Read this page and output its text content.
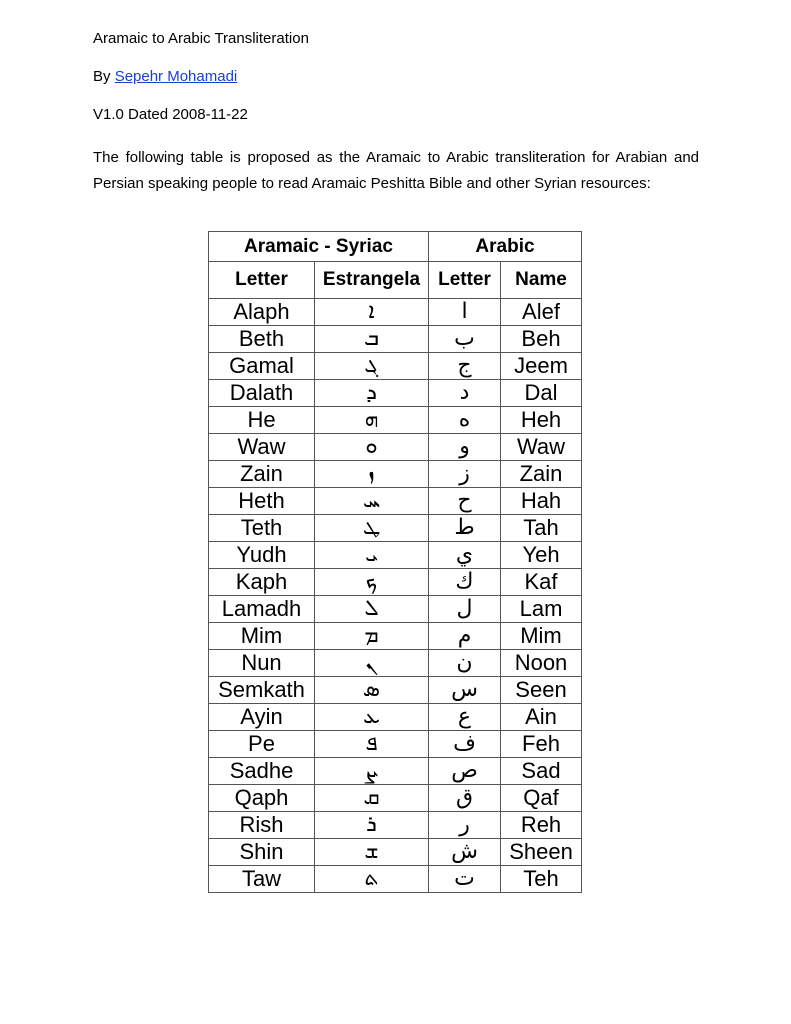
Aramaic to Arabic Transliteration

By Sepehr Mohamadi

V1.0 Dated 2008-11-22

The following table is proposed as the Aramaic to Arabic transliteration for Arabian and Persian speaking people to read Aramaic Peshitta Bible and other Syrian resources:

Aramaic - Syriac		Arabic	
Letter	Estrangela	Letter	Name
Alaph	ܐ	ا	Alef
Beth	ܒ	ب	Beh
Gamal	ܓ	ج	Jeem
Dalath	ܕ	د	Dal
He	ܗ	ه	Heh
Waw	ܘ	و	Waw
Zain	ܙ	ز	Zain
Heth	ܚ	ح	Hah
Teth	ܛ	ط	Tah
Yudh	ܝ	ي	Yeh
Kaph	ܟ	ك	Kaf
Lamadh	ܠ	ل	Lam
Mim	ܡ	م	Mim
Nun	ܢ	ن	Noon
Semkath	ܣ	س	Seen
Ayin	ܥ	ع	Ain
Pe	ܦ	ف	Feh
Sadhe	ܨ	ص	Sad
Qaph	ܩ	ق	Qaf
Rish	ܪ	ر	Reh
Shin	ܫ	ش	Sheen
Taw	ܬ	ت	Teh
